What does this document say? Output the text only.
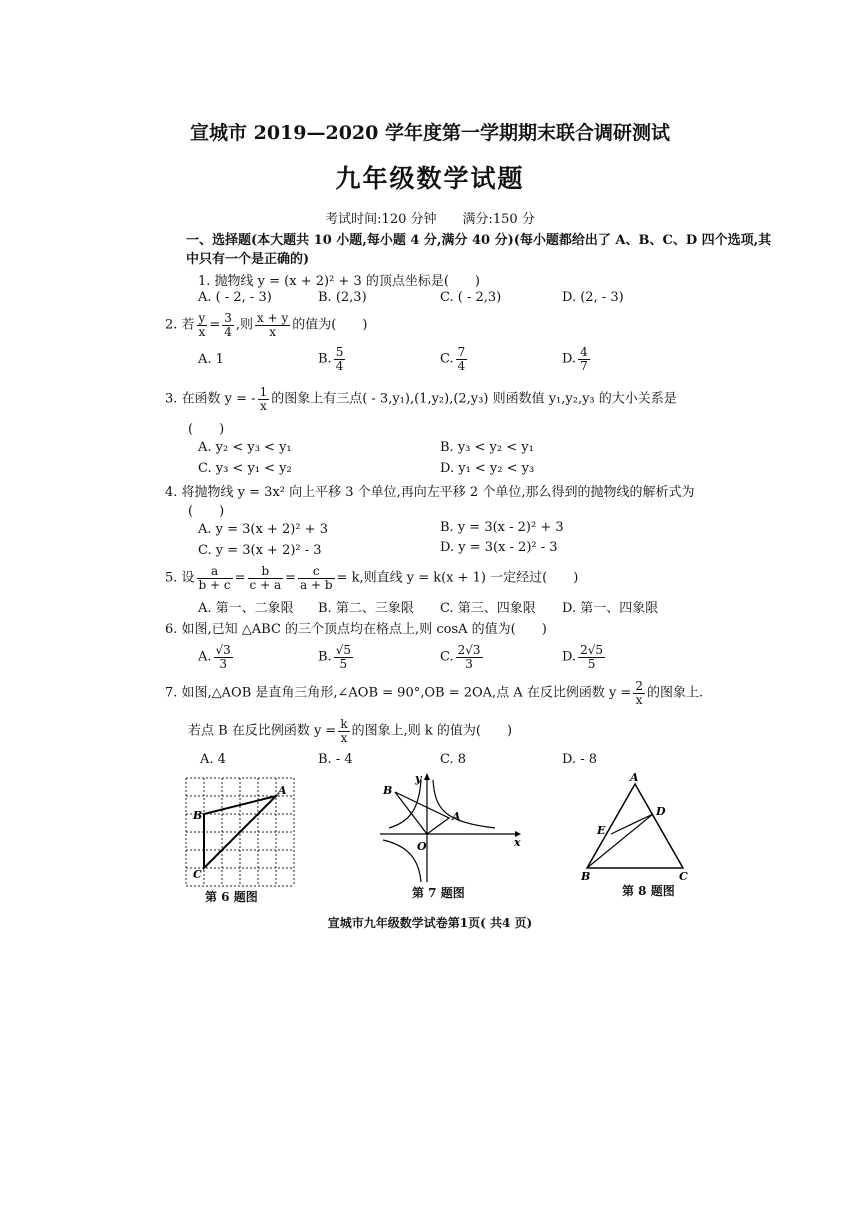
宣城市 2019—2020 学年度第一学期期末联合调研测试
九年级数学试题
考试时间:120 分钟　　满分:150 分
一、选择题(本大题共 10 小题,每小题 4 分,满分 40 分)(每小题都给出了 A、B、C、D 四个选项,其
中只有一个是正确的)
1. 抛物线 y = (x + 2)² + 3 的顶点坐标是(　　)
A. ( - 2, - 3)	B. (2,3)	C. ( - 2,3)	D. (2, - 3)
2. 若 $\frac{y}{x} = \frac{3}{4}$ ,则 $\frac{x + y}{x}$ 的值为(　　)
A. 1	B. $\frac{5}{4}$	C. $\frac{7}{4}$	D. $\frac{4}{7}$
3. 在函数 y = - $\frac{1}{x}$ 的图象上有三点( - 3,y₁),(1,y₂),(2,y₃) 则函数值 y₁,y₂,y₃ 的大小关系是
(　　)
A. y₂ < y₃ < y₁	B. y₃ < y₂ < y₁
C. y₃ < y₁ < y₂	D. y₁ < y₂ < y₃
4. 将抛物线 y = 3x² 向上平移 3 个单位,再向左平移 2 个单位,那么得到的抛物线的解析式为
(　　)
A. y = 3(x + 2)² + 3	B. y = 3(x - 2)² + 3
C. y = 3(x + 2)² - 3	D. y = 3(x - 2)² - 3
5. 设 $\frac{a}{b + c} = \frac{b}{c + a} = \frac{c}{a + b} = k$,则直线 y = k(x + 1) 一定经过(　　)
A. 第一、二象限 B. 第二、三象限 C. 第三、四象限 D. 第一、四象限
6. 如图,已知 △ABC 的三个顶点均在格点上,则 cosA 的值为(　　)
A. $\frac{√3}{3}$	B. $\frac{√5}{5}$	C. $\frac{2√3}{3}$	D. $\frac{2√5}{5}$
7. 如图,△AOB 是直角三角形,∠AOB = 90°,OB = 2OA,点 A 在反比例函数 $y = \frac{2}{x}$ 的图象上.
若点 B 在反比例函数 $y = \frac{k}{x}$ 的图象上,则 k 的值为(　　)
A. 4	B. - 4	C. 8	D. - 8
A
B
C
第 6 题图
x
y
O
A
B
第 7 题图
A
D
E
B	C
第 8 题图
宣城市九年级数学试卷第1页( 共4 页)
